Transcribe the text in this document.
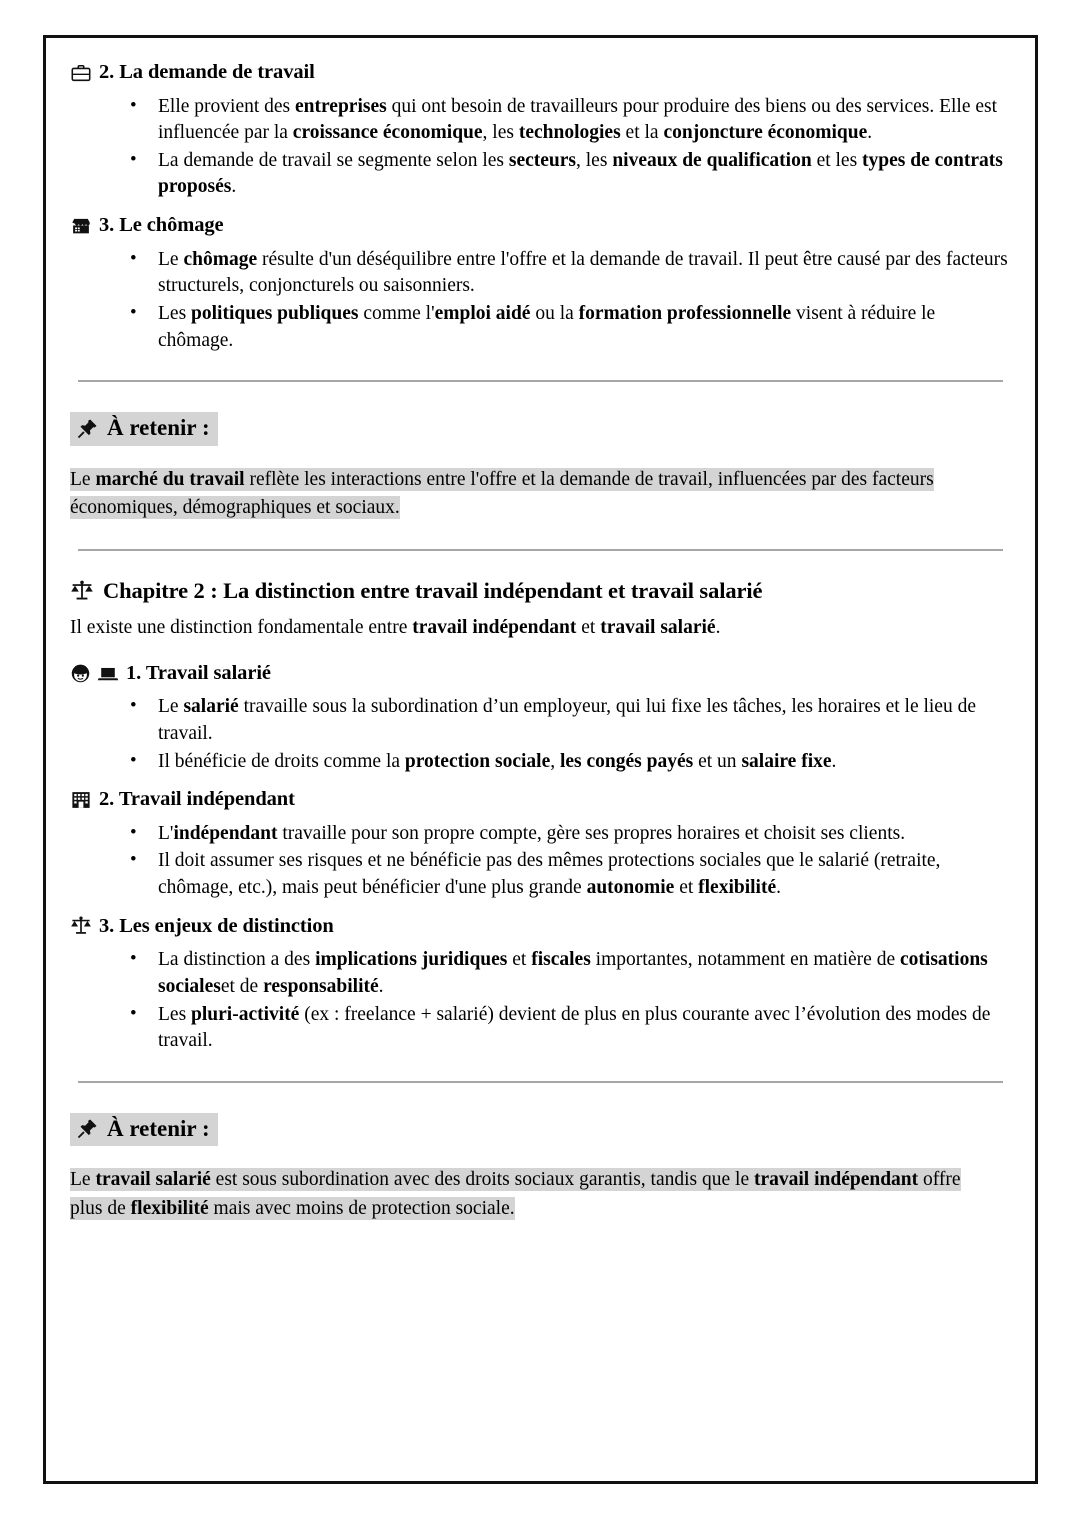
2. La demande de travail
• Elle provient des entreprises qui ont besoin de travailleurs pour produire des biens ou des services. Elle est influencée par la croissance économique, les technologies et la conjoncture économique.
• La demande de travail se segmente selon les secteurs, les niveaux de qualification et les types de contrats proposés.
3. Le chômage
• Le chômage résulte d'un déséquilibre entre l'offre et la demande de travail. Il peut être causé par des facteurs structurels, conjoncturels ou saisonniers.
• Les politiques publiques comme l'emploi aidé ou la formation professionnelle visent à réduire le chômage.
À retenir :

Le marché du travail reflète les interactions entre l'offre et la demande de travail, influencées par des facteurs économiques, démographiques et sociaux.

Chapitre 2 : La distinction entre travail indépendant et travail salarié

Il existe une distinction fondamentale entre travail indépendant et travail salarié.

1. Travail salarié
• Le salarié travaille sous la subordination d’un employeur, qui lui fixe les tâches, les horaires et le lieu de travail.
• Il bénéficie de droits comme la protection sociale, les congés payés et un salaire fixe.
2. Travail indépendant
• L'indépendant travaille pour son propre compte, gère ses propres horaires et choisit ses clients.
• Il doit assumer ses risques et ne bénéficie pas des mêmes protections sociales que le salarié (retraite, chômage, etc.), mais peut bénéficier d'une plus grande autonomie et flexibilité.
3. Les enjeux de distinction
• La distinction a des implications juridiques et fiscales importantes, notamment en matière de cotisations socialeset de responsabilité.
• Les pluri-activité (ex : freelance + salarié) devient de plus en plus courante avec l’évolution des modes de travail.
À retenir :

Le travail salarié est sous subordination avec des droits sociaux garantis, tandis que le travail indépendant offre plus de flexibilité mais avec moins de protection sociale.
